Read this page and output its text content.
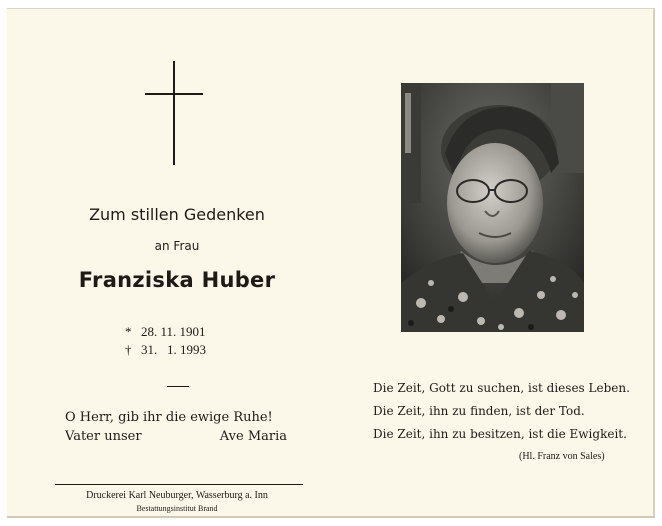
Zum stillen Gedenken
an Frau
Franziska Huber
* 28. 11. 1901
† 31.   1. 1993
O Herr, gib ihr die ewige Ruhe!
Vater unser	Ave Maria
Druckerei Karl Neuburger, Wasserburg a. Inn
Bestattungsinstitut Brand
Die Zeit, Gott zu suchen, ist dieses Leben.
Die Zeit, ihn zu finden, ist der Tod.
Die Zeit, ihn zu besitzen, ist die Ewigkeit.
(Hl. Franz von Sales)
